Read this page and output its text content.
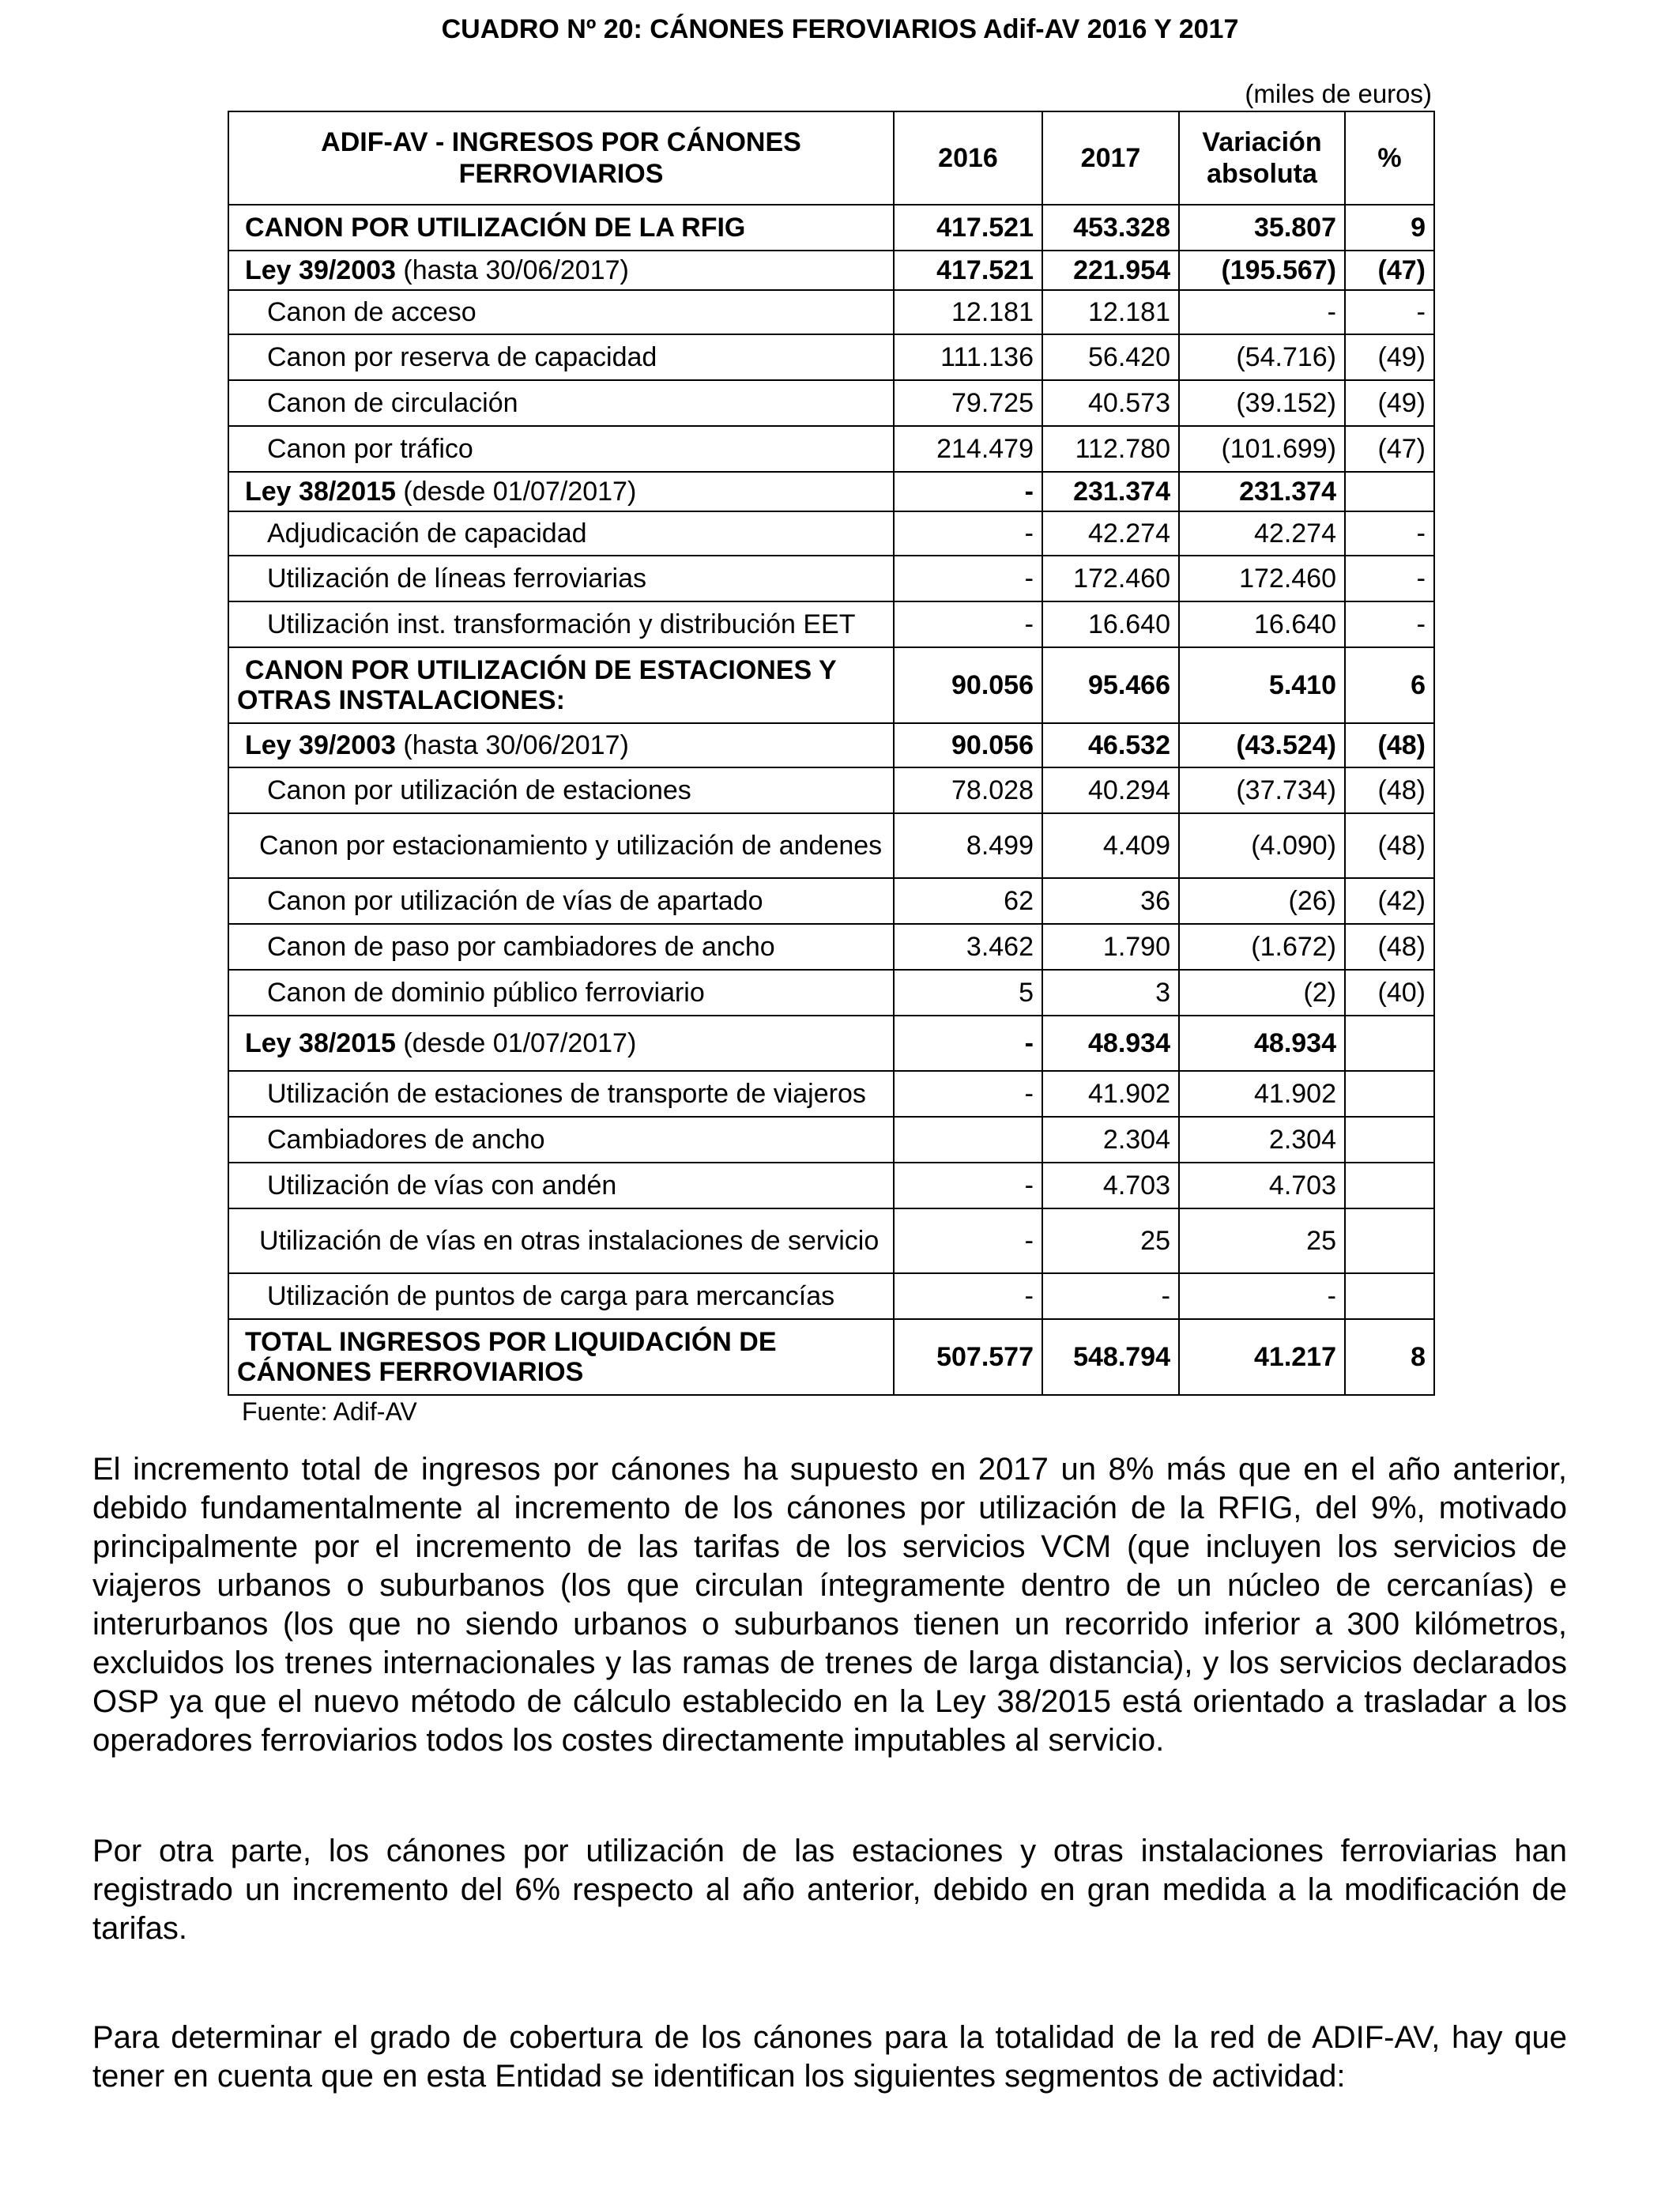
CUADRO Nº 20: CÁNONES FEROVIARIOS Adif-AV 2016 Y 2017
(miles de euros)
ADIF-AV - INGRESOS POR CÁNONES FERROVIARIOS	2016	2017	Variación absoluta	%
CANON POR UTILIZACIÓN DE LA RFIG	417.521	453.328	35.807	9
Ley 39/2003 (hasta 30/06/2017)	417.521	221.954	(195.567)	(47)
Canon de acceso	12.181	12.181	-	-
Canon por reserva de capacidad	111.136	56.420	(54.716)	(49)
Canon de circulación	79.725	40.573	(39.152)	(49)
Canon por tráfico	214.479	112.780	(101.699)	(47)
Ley 38/2015 (desde 01/07/2017)	-	231.374	231.374	
Adjudicación de capacidad	-	42.274	42.274	-
Utilización de líneas ferroviarias	-	172.460	172.460	-
Utilización inst. transformación y distribución EET	-	16.640	16.640	-
CANON POR UTILIZACIÓN DE ESTACIONES Y OTRAS INSTALACIONES:	90.056	95.466	5.410	6
Ley 39/2003 (hasta 30/06/2017)	90.056	46.532	(43.524)	(48)
Canon por utilización de estaciones	78.028	40.294	(37.734)	(48)
Canon por estacionamiento y utilización de andenes	8.499	4.409	(4.090)	(48)
Canon por utilización de vías de apartado	62	36	(26)	(42)
Canon de paso por cambiadores de ancho	3.462	1.790	(1.672)	(48)
Canon de dominio público ferroviario	5	3	(2)	(40)
Ley 38/2015 (desde 01/07/2017)	-	48.934	48.934	
Utilización de estaciones de transporte de viajeros	-	41.902	41.902	
Cambiadores de ancho		2.304	2.304	
Utilización de vías con andén	-	4.703	4.703	
Utilización de vías en otras instalaciones de servicio	-	25	25	
Utilización de puntos de carga para mercancías	-	-	-	
TOTAL INGRESOS POR LIQUIDACIÓN DE CÁNONES FERROVIARIOS	507.577	548.794	41.217	8
Fuente: Adif-AV

El incremento total de ingresos por cánones ha supuesto en 2017 un 8% más que en el año anterior, debido fundamentalmente al incremento de los cánones por utilización de la RFIG, del 9%, motivado principalmente por el incremento de las tarifas de los servicios VCM (que incluyen los servicios de viajeros urbanos o suburbanos (los que circulan íntegramente dentro de un núcleo de cercanías) e interurbanos (los que no siendo urbanos o suburbanos tienen un recorrido inferior a 300 kilómetros, excluidos los trenes internacionales y las ramas de trenes de larga distancia), y los servicios declarados OSP ya que el nuevo método de cálculo establecido en la Ley 38/2015 está orientado a trasladar a los operadores ferroviarios todos los costes directamente imputables al servicio.

Por otra parte, los cánones por utilización de las estaciones y otras instalaciones ferroviarias han registrado un incremento del 6% respecto al año anterior, debido en gran medida a la modificación de tarifas.

Para determinar el grado de cobertura de los cánones para la totalidad de la red de ADIF-AV, hay que tener en cuenta que en esta Entidad se identifican los siguientes segmentos de actividad:
